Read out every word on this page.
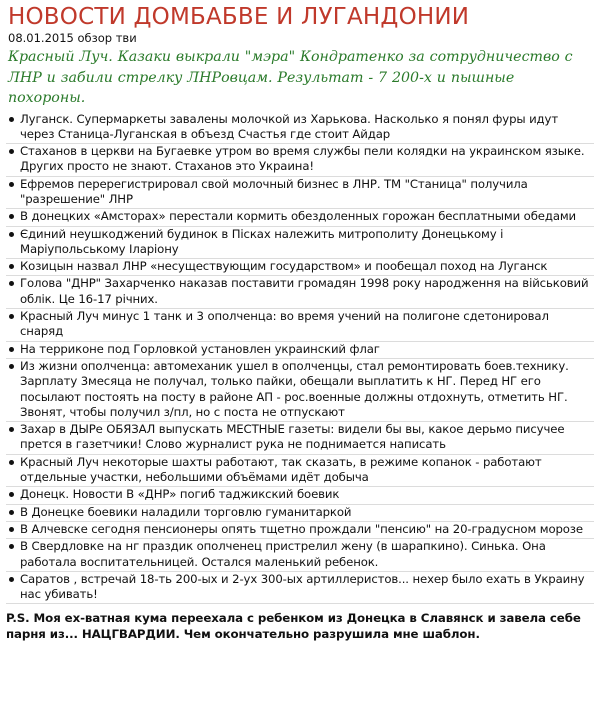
НОВОСТИ ДОМБАБВЕ И ЛУГАНДОНИИ
08.01.2015 обзор тви

Красный Луч. Казаки выкрали "мэра" Кондратенко за сотрудничество с ЛНР и забили стрелку ЛНРовцам. Результат - 7 200-х и пышные похороны.

Луганск. Супермаркеты завалены молочкой из Харькова. Насколько я понял фуры идут через Станица-Луганская в объезд Счастья где стоит Айдар
Стаханов в церкви на Бугаевке утром во время службы пели колядки на украинском языке. Других просто не знают. Стаханов это Украина!
Ефремов перерегистрировал свой молочный бизнес в ЛНР. ТМ "Станица" получила "разрешение" ЛНР
В донецких «Амсторах» перестали кормить обездоленных горожан бесплатными обедами
Єдиний неушкоджений будинок в Пісках належить митрополиту Донецькому і Маріупольському Іларіону
Козицын назвал ЛНР «несуществующим государством» и пообещал поход на Луганск
Голова "ДНР" Захарченко наказав поставити громадян 1998 року народження на військовий облік. Це 16-17 річних.
Красный Луч минус 1 танк и 3 ополченца: во время учений на полигоне сдетонировал снаряд
На терриконе под Горловкой установлен украинский флаг
Из жизни ополченца: автомеханик ушел в ополченцы, стал ремонтировать боев.технику. Зарплату 3месяца не получал, только пайки, обещали выплатить к НГ. Перед НГ его посылают постоять на посту в районе АП - рос.военные должны отдохнуть, отметить НГ. Звонят, чтобы получил з/пл, но с поста не отпускают
Захар в ДЫРе ОБЯЗАЛ выпускать МЕСТНЫЕ газеты: видели бы вы, какое дерьмо писучее прется в газетчики! Слово журналист рука не поднимается написать
Красный Луч некоторые шахты работают, так сказать, в режиме копанок - работают отдельные участки, небольшими объёмами идёт добыча
Донецк. Новости В «ДНР» погиб таджикский боевик
В Донецке боевики наладили торговлю гуманитаркой
В Алчевске сегодня пенсионеры опять тщетно прождали "пенсию" на 20-градусном морозе
В Свердловке на нг праздик ополченец пристрелил жену (в шарапкино). Синька. Она работала воспитательницей. Остался маленький ребенок.
Саратов , встречай 18-ть 200-ых и 2-ух 300-ых артиллеристов... нехер было ехать в Украину нас убивать!

P.S. Моя ех-ватная кума переехала с ребенком из Донецка в Славянск и завела себе парня из... НАЦГВАРДИИ. Чем окончательно разрушила мне шаблон.
